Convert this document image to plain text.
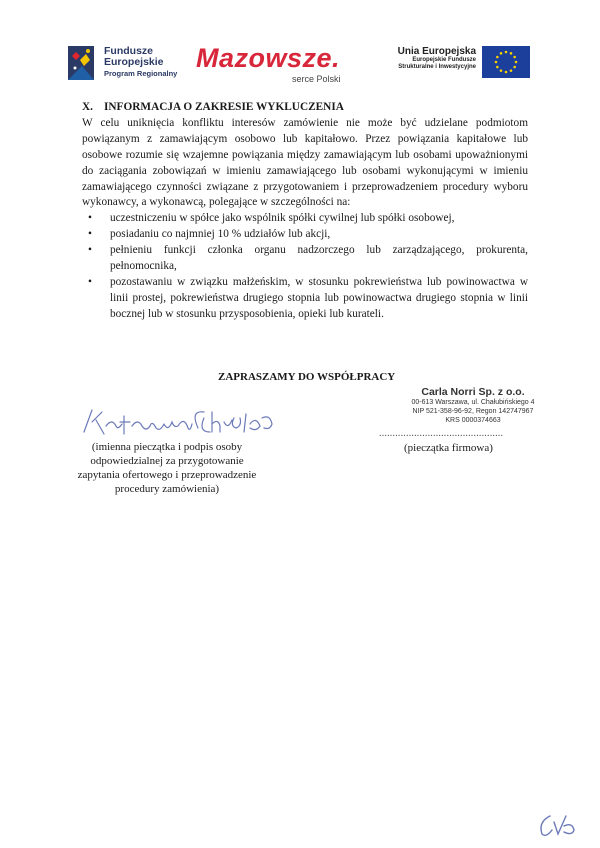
Fundusze
Europejskie
Program Regionalny
Mazowsze.
serce Polski
Unia Europejska
Europejskie Fundusze
Strukturalne i Inwestycyjne

X. INFORMACJA O ZAKRESIE WYKLUCZENIA

W celu uniknięcia konfliktu interesów zamówienie nie może być udzielane podmiotom powiązanym z zamawiającym osobowo lub kapitałowo. Przez powiązania kapitałowe lub osobowe rozumie się wzajemne powiązania między zamawiającym lub osobami upoważnionymi do zaciągania zobowiązań w imieniu zamawiającego lub osobami wykonującymi w imieniu zamawiającego czynności związane z przygotowaniem i przeprowadzeniem procedury wyboru wykonawcy, a wykonawcą, polegające w szczególności na:

• uczestniczeniu w spółce jako wspólnik spółki cywilnej lub spółki osobowej,
• posiadaniu co najmniej 10 % udziałów lub akcji,
• pełnieniu funkcji członka organu nadzorczego lub zarządzającego, prokurenta, pełnomocnika,
• pozostawaniu w związku małżeńskim, w stosunku pokrewieństwa lub powinowactwa w linii prostej, pokrewieństwa drugiego stopnia lub powinowactwa drugiego stopnia w linii bocznej lub w stosunku przysposobienia, opieki lub kurateli.
ZAPRASZAMY DO WSPÓŁPRACY
Carla Norri Sp. z o.o.
00-613 Warszawa, ul. Chałubińskiego 4
NIP 521-358-96-92, Regon 142747967
KRS 0000374663
..............................................
(pieczątka firmowa)
(imienna pieczątka i podpis osoby odpowiedzialnej za przygotowanie zapytania ofertowego i przeprowadzenie procedury zamówienia)
